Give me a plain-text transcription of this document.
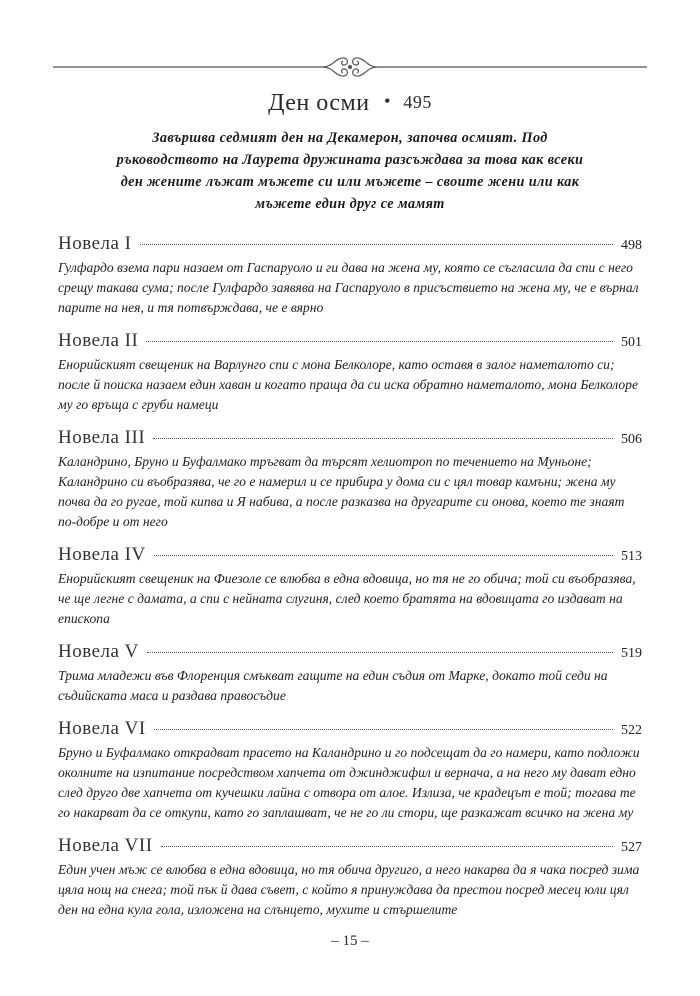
Ден осми • 495
Завършва седмият ден на Декамерон, започва осмият. Под ръководството на Лаурета дружината разсъждава за това как всеки ден жените лъжат мъжете си или мъжете – своите жени или как мъжете един друг се мамят
Новела I	498
Гулфардо взема пари назаем от Гаспаруоло и ги дава на жена му, която се съгласила да спи с него срещу такава сума; после Гулфардо заявява на Гаспаруоло в присъствието на жена му, че е върнал парите на нея, и тя потвърждава, че е вярно
Новела II	501
Енорийският свещеник на Варлунго спи с мона Белколоре, като оставя в залог наметалото си; после й поиска назаем един хаван и когато праща да си иска обратно наметалото, мона Белколоре му го връща с груби намеци
Новела III	506
Каландрино, Бруно и Буфалмако тръгват да търсят хелиотроп по течението на Муньоне; Каландрино си въобразява, че го е намерил и се прибира у дома си с цял товар камъни; жена му почва да го ругае, той кипва и Я набива, а после разказва на другарите си онова, което те знаят по-добре и от него
Новела IV	513
Енорийският свещеник на Фиезоле се влюбва в една вдовица, но тя не го обича; той си въобразява, че ще легне с дамата, а спи с нейната слугиня, след което братята на вдовицата го издават на епископа
Новела V	519
Трима младежи във Флоренция смъкват гащите на един съдия от Марке, докато той седи на съдийската маса и раздава правосъдие
Новела VI	522
Бруно и Буфалмако открадват прасето на Каландрино и го подсещат да го намери, като подложи околните на изпитание посредством хапчета от джинджифил и вернача, а на него му дават едно след друго две хапчета от кучешки лайна с отвора от алое. Излиза, че крадецът е той; тогава те го накарват да се откупи, като го заплашват, че не го ли стори, ще разкажат всичко на жена му
Новела VII	527
Един учен мъж се влюбва в една вдовица, но тя обича другиго, а него накарва да я чака посред зима цяла нощ на снега; той пък й дава съвет, с който я принуждава да престои посред месец юли цял ден на една кула гола, изложена на слънцето, мухите и стършелите
– 15 –
